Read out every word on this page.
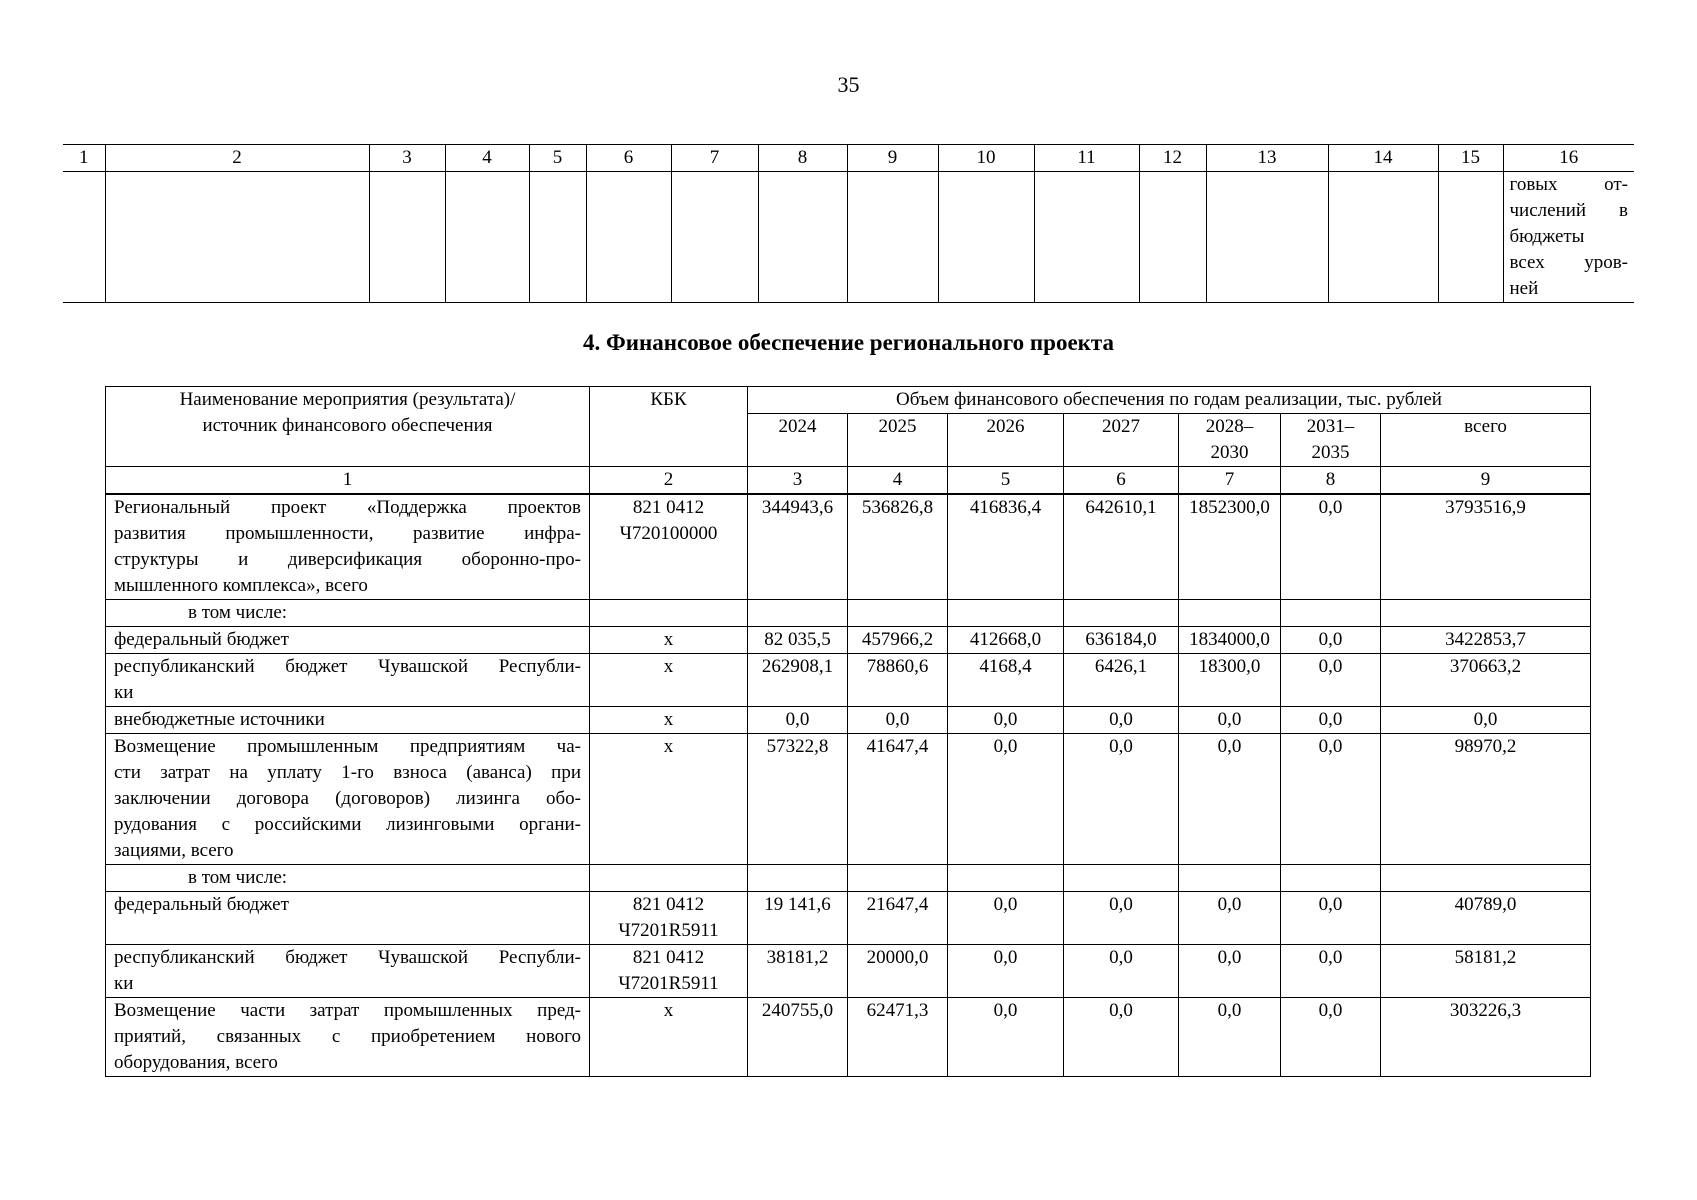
35
1	2	3	4	5	6	7	8	9	10	11	12	13	14	15	16

															говых от-
числений в
бюджеты
всех уров-
ней
4. Финансовое обеспечение регионального проекта
Наименование мероприятия (результата)/ источник финансового обеспечения	КБК	Объем финансового обеспечения по годам реализации, тыс. рублей						
		2024	2025	2026	2027	2028–
2030	2031–
2035	всего
1	2	3	4	5	6	7	8	9

Региональный проект «Поддержка проектов
развития промышленности, развитие инфра-
структуры и диверсификация оборонно-про-
мышленного комплекса», всего	821 0412
Ч720100000	344943,6	536826,8	416836,4	642610,1	1852300,0	0,0	3793516,9
в том числе:								

федеральный бюджет	х	82 035,5	457966,2	412668,0	636184,0	1834000,0	0,0	3422853,7

республиканский бюджет Чувашской Республи-
ки	х	262908,1	78860,6	4168,4	6426,1	18300,0	0,0	370663,2

внебюджетные источники	х	0,0	0,0	0,0	0,0	0,0	0,0	0,0

Возмещение промышленным предприятиям ча-
сти затрат на уплату 1-го взноса (аванса) при
заключении договора (договоров) лизинга обо-
рудования с российскими лизинговыми органи-
зациями, всего	х	57322,8	41647,4	0,0	0,0	0,0	0,0	98970,2
в том числе:								

федеральный бюджет	821 0412
Ч7201R5911	19 141,6	21647,4	0,0	0,0	0,0	0,0	40789,0

республиканский бюджет Чувашской Республи-
ки	821 0412
Ч7201R5911	38181,2	20000,0	0,0	0,0	0,0	0,0	58181,2

Возмещение части затрат промышленных пред-
приятий, связанных с приобретением нового
оборудования, всего	х	240755,0	62471,3	0,0	0,0	0,0	0,0	303226,3
